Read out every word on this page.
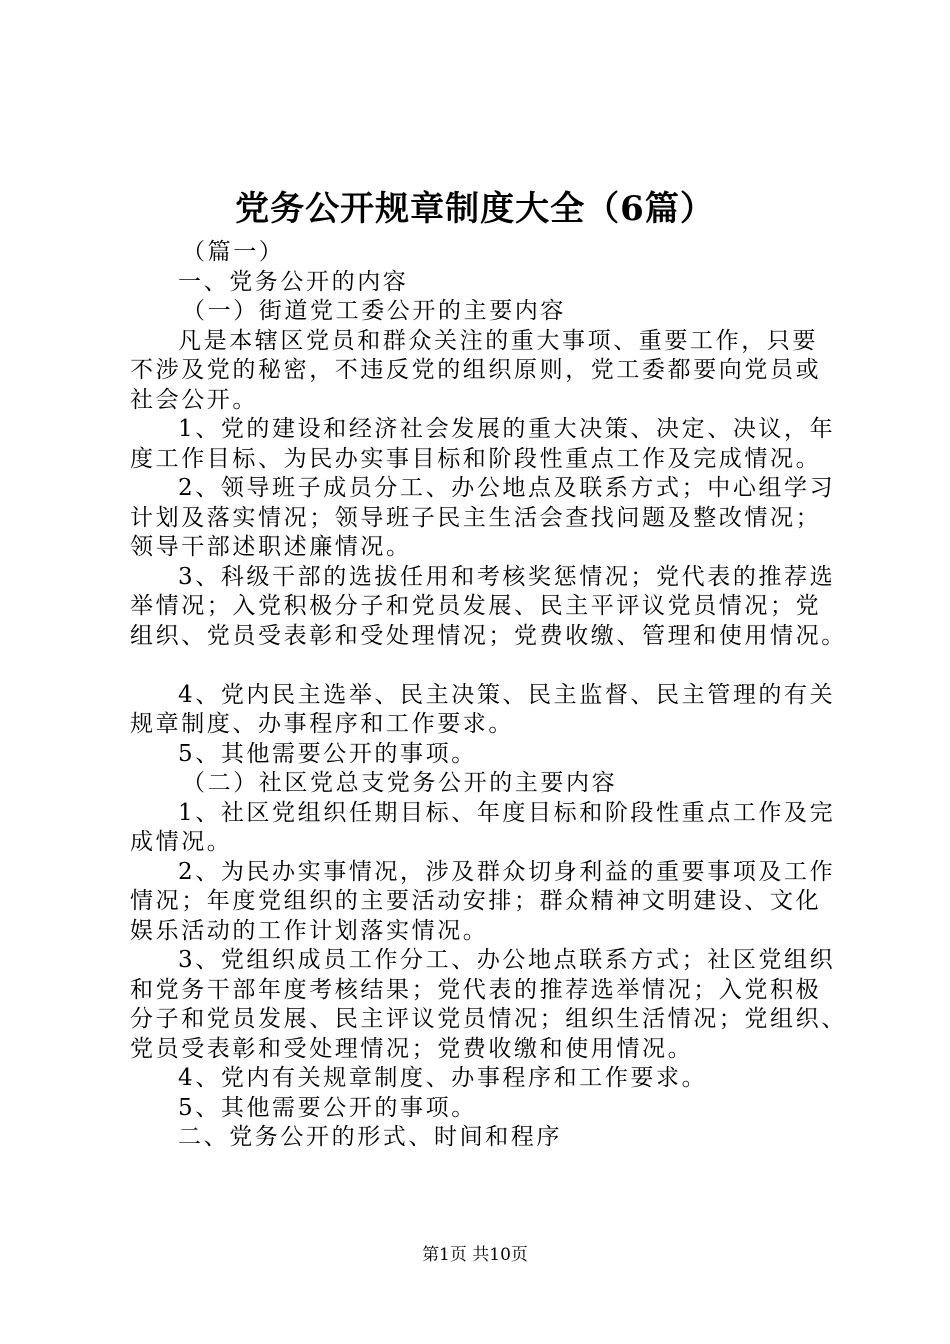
党务公开规章制度大全（6篇）

（篇一）

一、党务公开的内容

（一）街道党工委公开的主要内容

凡是本辖区党员和群众关注的重大事项、重要工作，只要

不涉及党的秘密，不违反党的组织原则，党工委都要向党员或

社会公开。

1、党的建设和经济社会发展的重大决策、决定、决议，年

度工作目标、为民办实事目标和阶段性重点工作及完成情况。

2、领导班子成员分工、办公地点及联系方式；中心组学习

计划及落实情况；领导班子民主生活会查找问题及整改情况；

领导干部述职述廉情况。

3、科级干部的选拔任用和考核奖惩情况；党代表的推荐选

举情况；入党积极分子和党员发展、民主平评议党员情况；党

组织、党员受表彰和受处理情况；党费收缴、管理和使用情况。

4、党内民主选举、民主决策、民主监督、民主管理的有关

规章制度、办事程序和工作要求。

5、其他需要公开的事项。

（二）社区党总支党务公开的主要内容

1、社区党组织任期目标、年度目标和阶段性重点工作及完

成情况。

2、为民办实事情况，涉及群众切身利益的重要事项及工作

情况；年度党组织的主要活动安排；群众精神文明建设、文化

娱乐活动的工作计划落实情况。

3、党组织成员工作分工、办公地点联系方式；社区党组织

和党务干部年度考核结果；党代表的推荐选举情况；入党积极

分子和党员发展、民主评议党员情况；组织生活情况；党组织、

党员受表彰和受处理情况；党费收缴和使用情况。

4、党内有关规章制度、办事程序和工作要求。

5、其他需要公开的事项。

二、党务公开的形式、时间和程序

第1页 共10页
